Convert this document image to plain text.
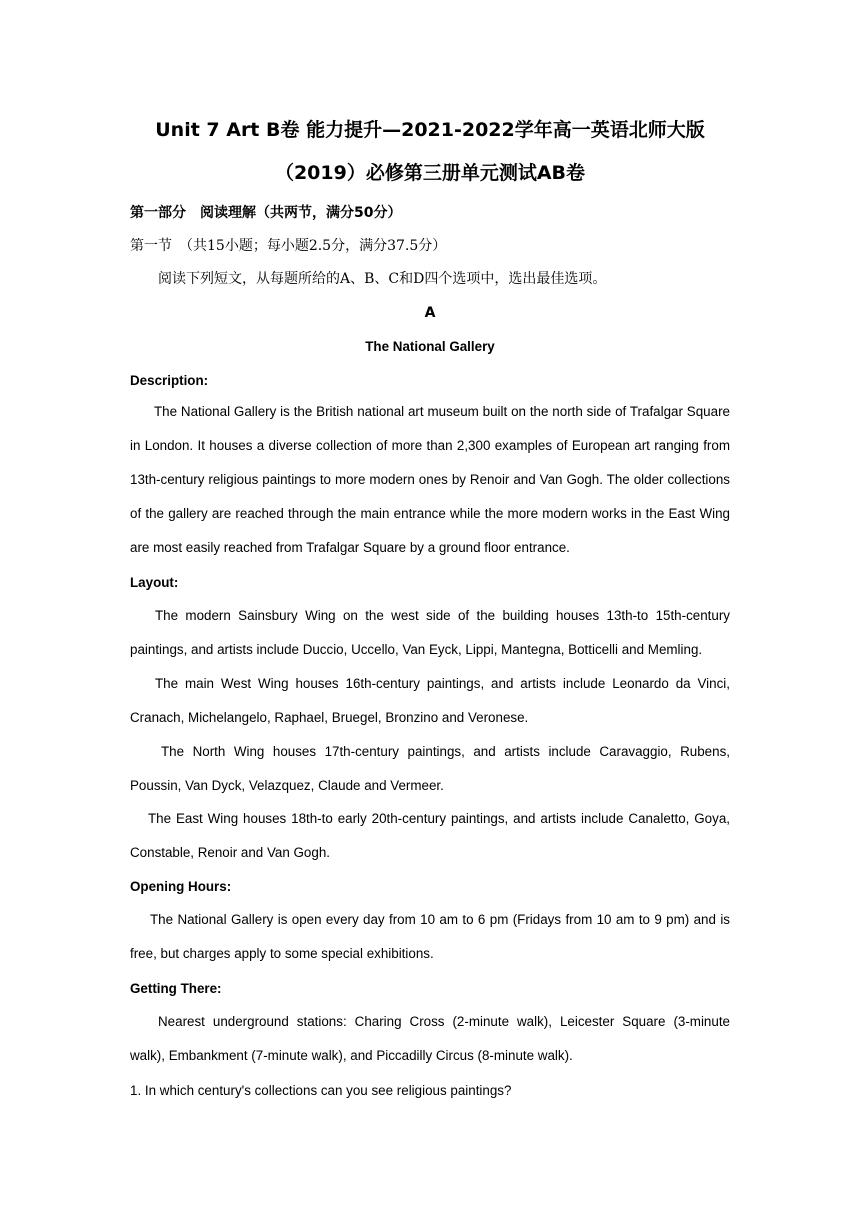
Unit 7 Art B卷 能力提升—2021-2022学年高一英语北师大版
（2019）必修第三册单元测试AB卷
第一部分　阅读理解（共两节，满分50分）
第一节　（共15小题；每小题2.5分，满分37.5分）
阅读下列短文，从每题所给的A、B、C和D四个选项中，选出最佳选项。
A
The National Gallery
Description:

The National Gallery is the British national art museum built on the north side of Trafalgar Square in London. It houses a diverse collection of more than 2,300 examples of European art ranging from 13th-century religious paintings to more modern ones by Renoir and Van Gogh. The older collections of the gallery are reached through the main entrance while the more modern works in the East Wing are most easily reached from Trafalgar Square by a ground floor entrance.

Layout:

The modern Sainsbury Wing on the west side of the building houses 13th-to 15th-century paintings, and artists include Duccio, Uccello, Van Eyck, Lippi, Mantegna, Botticelli and Memling.

The main West Wing houses 16th-century paintings, and artists include Leonardo da Vinci, Cranach, Michelangelo, Raphael, Bruegel, Bronzino and Veronese.

The North Wing houses 17th-century paintings, and artists include Caravaggio, Rubens, Poussin, Van Dyck, Velazquez, Claude and Vermeer.

The East Wing houses 18th-to early 20th-century paintings, and artists include Canaletto, Goya, Constable, Renoir and Van Gogh.

Opening Hours:

The National Gallery is open every day from 10 am to 6 pm (Fridays from 10 am to 9 pm) and is free, but charges apply to some special exhibitions.

Getting There:

Nearest underground stations: Charing Cross (2-minute walk), Leicester Square (3-minute walk), Embankment (7-minute walk), and Piccadilly Circus (8-minute walk).

1. In which century's collections can you see religious paintings?
